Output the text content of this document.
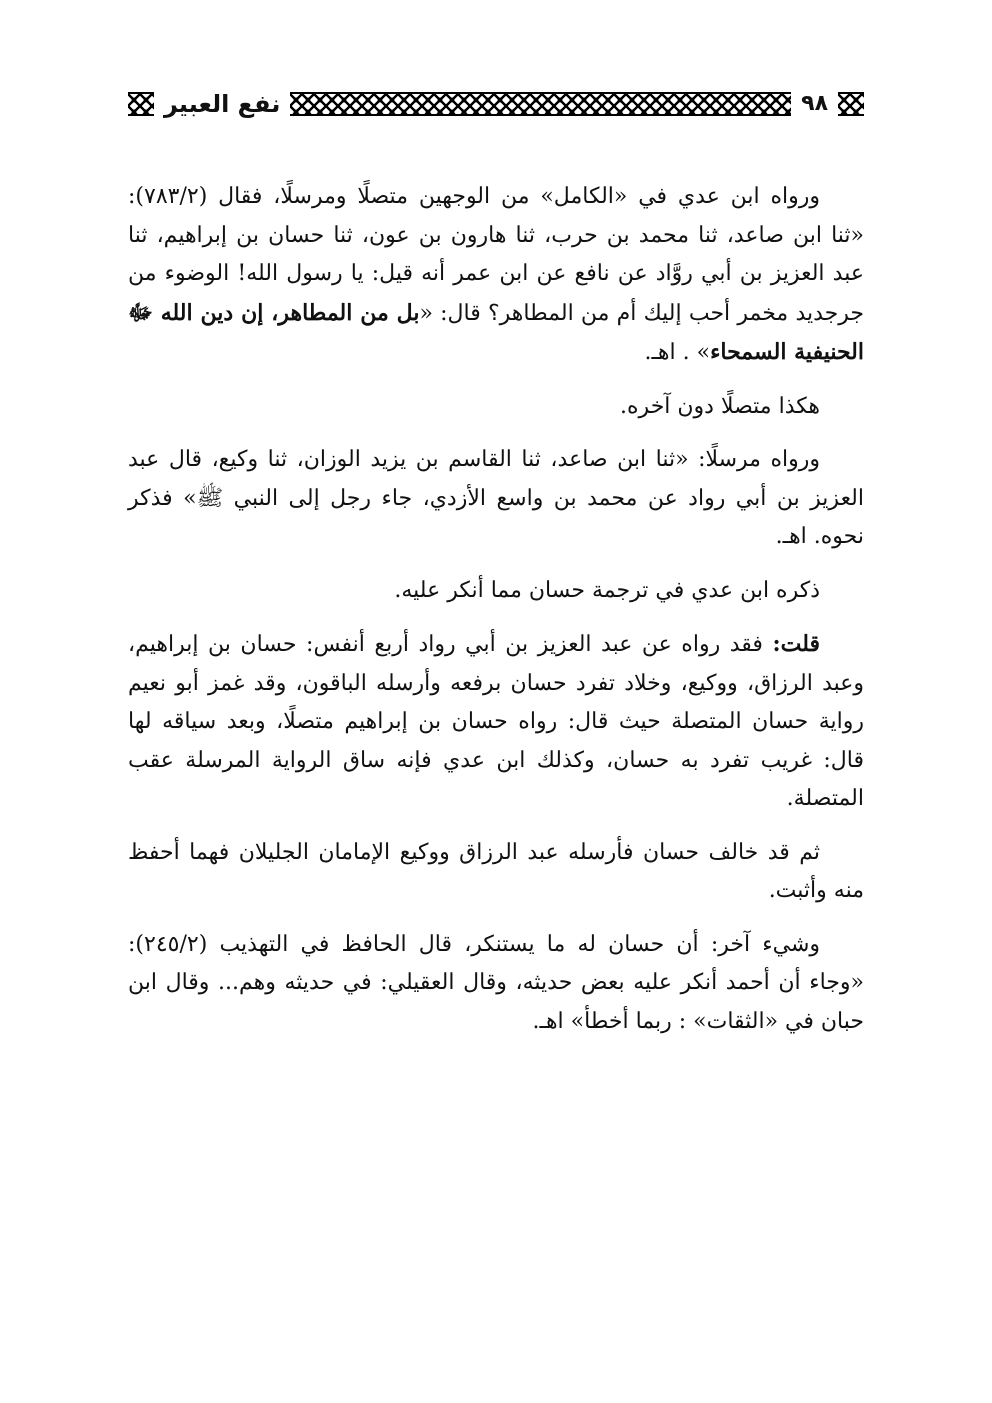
٩٨
نفع العبير

ورواه ابن عدي في «الكامل» من الوجهين متصلًا ومرسلًا، فقال (٧٨٣/٢): «ثنا ابن صاعد، ثنا محمد بن حرب، ثنا هارون بن عون، ثنا حسان بن إبراهيم، ثنا عبد العزيز بن أبي روَّاد عن نافع عن ابن عمر أنه قيل: يا رسول الله! الوضوء من جرجديد مخمر أحب إليك أم من المطاهر؟ قال: «بل من المطاهر، إن دين الله ﷻ الحنيفية السمحاء» . اهـ.

هكذا متصلًا دون آخره.

ورواه مرسلًا: «ثنا ابن صاعد، ثنا القاسم بن يزيد الوزان، ثنا وكيع، قال عبد العزيز بن أبي رواد عن محمد بن واسع الأزدي، جاء رجل إلى النبي ﷺ» فذكر نحوه. اهـ.

ذكره ابن عدي في ترجمة حسان مما أنكر عليه.

قلت: فقد رواه عن عبد العزيز بن أبي رواد أربع أنفس: حسان بن إبراهيم، وعبد الرزاق، ووكيع، وخلاد تفرد حسان برفعه وأرسله الباقون، وقد غمز أبو نعيم رواية حسان المتصلة حيث قال: رواه حسان بن إبراهيم متصلًا، وبعد سياقه لها قال: غريب تفرد به حسان، وكذلك ابن عدي فإنه ساق الرواية المرسلة عقب المتصلة.

ثم قد خالف حسان فأرسله عبد الرزاق ووكيع الإمامان الجليلان فهما أحفظ منه وأثبت.

وشيء آخر: أن حسان له ما يستنكر، قال الحافظ في التهذيب (٢٤٥/٢): «وجاء أن أحمد أنكر عليه بعض حديثه، وقال العقيلي: في حديثه وهم... وقال ابن حبان في «الثقات» : ربما أخطأ» اهـ.
